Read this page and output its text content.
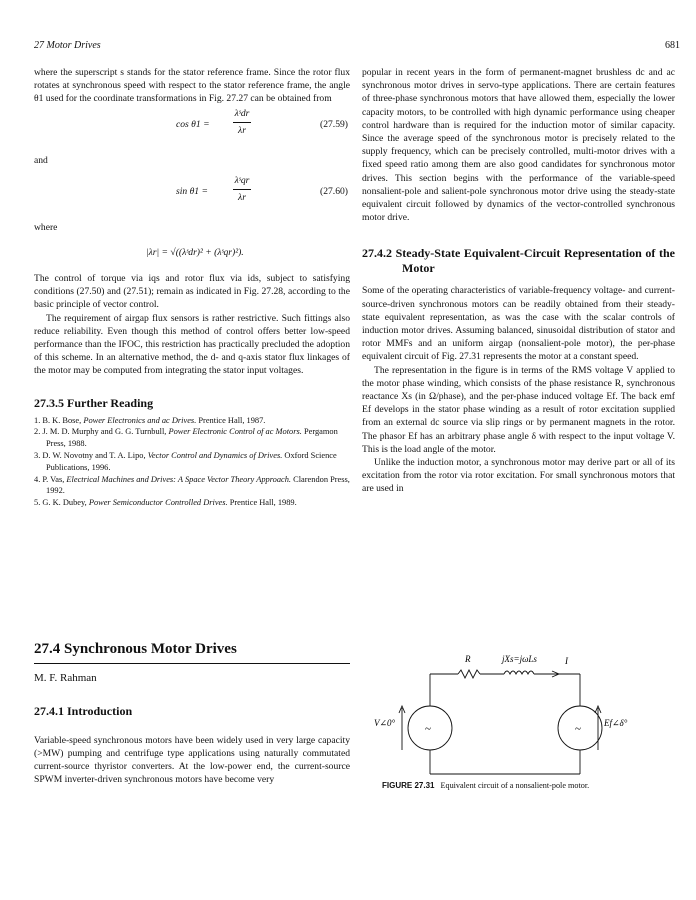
27 Motor Drives	681

where the superscript s stands for the stator reference frame. Since the rotor flux rotates at synchronous speed with respect to the stator reference frame, the angle θ1 used for the coordinate transformations in Fig. 27.27 can be obtained from

cos θ1 =
λˢdr
λr
(27.59)

and

sin θ1 =
λˢqr
λr
(27.60)

where

|λr| = √((λˢdr)² + (λˢqr)²).

The control of torque via iqs and rotor flux via ids, subject to satisfying conditions (27.50) and (27.51); remain as indicated in Fig. 27.28, according to the basic principle of vector control.

The requirement of airgap flux sensors is rather restrictive. Such fittings also reduce reliability. Even though this method of control offers better low-speed performance than the IFOC, this restriction has practically precluded the adoption of this scheme. In an alternative method, the d- and q-axis stator flux linkages of the motor may be computed from integrating the stator input voltages.

27.3.5 Further Reading
1. B. K. Bose, Power Electronics and ac Drives. Prentice Hall, 1987.
2. J. M. D. Murphy and G. G. Turnbull, Power Electronic Control of ac Motors. Pergamon Press, 1988.
3. D. W. Novotny and T. A. Lipo, Vector Control and Dynamics of Drives. Oxford Science Publications, 1996.
4. P. Vas, Electrical Machines and Drives: A Space Vector Theory Approach. Clarendon Press, 1992.
5. G. K. Dubey, Power Semiconductor Controlled Drives. Prentice Hall, 1989.

popular in recent years in the form of permanent-magnet brushless dc and ac synchronous motor drives in servo-type applications. There are certain features of three-phase synchronous motors that have allowed them, especially the lower capacity motors, to be controlled with high dynamic performance using cheaper control hardware than is required for the induction motor of similar capacity. Since the average speed of the synchronous motor is precisely related to the supply frequency, which can be precisely controlled, multi-motor drives with a fixed speed ratio among them are also good candidates for synchronous motor drives. This section begins with the performance of the variable-speed nonsalient-pole and salient-pole synchronous motor drive using the steady-state equivalent circuit followed by dynamics of the vector-controlled synchronous motor drive.

27.4.2 Steady-State Equivalent-Circuit Representation of the Motor

Some of the operating characteristics of variable-frequency voltage- and current-source-driven synchronous motors can be readily obtained from their steady-state equivalent representation, as was the case with the scalar controls of induction motor drives. Assuming balanced, sinusoidal distribution of stator and rotor MMFs and an uniform airgap (nonsalient-pole motor), the per-phase equivalent circuit of Fig. 27.31 represents the motor at a constant speed.

The representation in the figure is in terms of the RMS voltage V applied to the motor phase winding, which consists of the phase resistance R, synchronous reactance Xs (in Ω/phase), and the per-phase induced voltage Ef. The back emf Ef develops in the stator phase winding as a result of rotor excitation supplied from an external dc source via slip rings or by permanent magnets in the rotor. The phasor Ef has an arbitrary phase angle δ with respect to the input voltage V. This is the load angle of the motor.

Unlike the induction motor, a synchronous motor may derive part or all of its excitation from the rotor via rotor excitation. For small synchronous motors that are used in

27.4 Synchronous Motor Drives
M. F. Rahman
27.4.1 Introduction

Variable-speed synchronous motors have been widely used in very large capacity (>MW) pumping and centrifuge type applications using naturally commutated current-source thyristor converters. At the low-power end, the current-source SPWM inverter-driven synchronous motors have become very

~	~
R	jXs=jωLs	I
V∠0°	Ef∠δ°
FIGURE 27.31 Equivalent circuit of a nonsalient-pole motor.
